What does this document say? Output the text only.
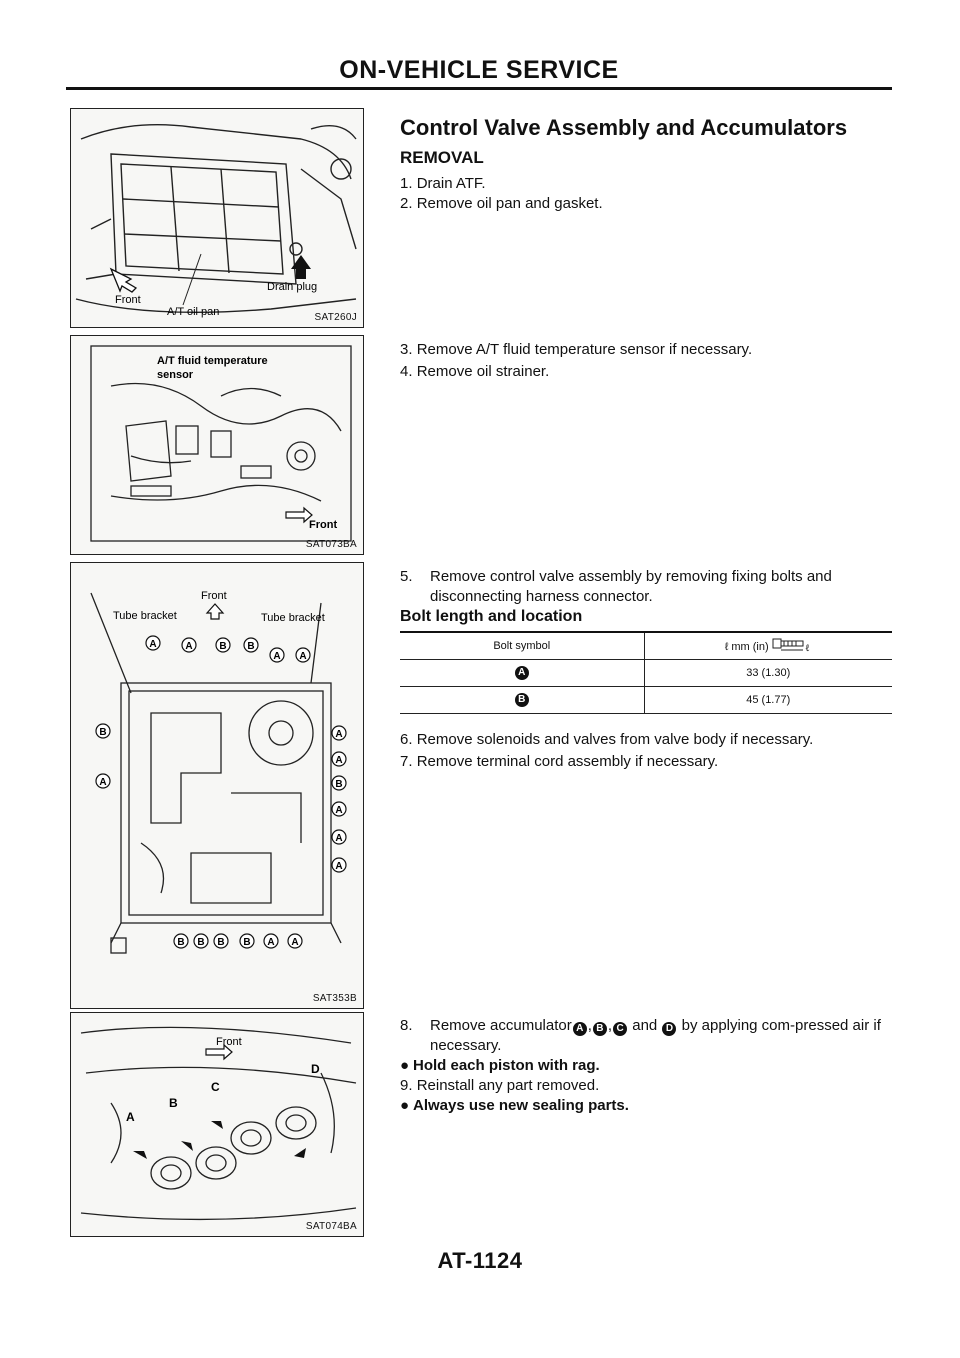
ON-VEHICLE SERVICE
Front
Drain plug
A/T oil pan	SAT260J
A/T fluid temperature
sensor
Front
SAT073BA
Front
Tube bracket	Tube bracket
A	A	B B
A A
B
A
A
A
B
A
A
A
B B B B A A
SAT353B
Front
A
B
C
D
SAT074BA
Control Valve Assembly and Accumulators
REMOVAL
1. Drain ATF.
2. Remove oil pan and gasket.
3. Remove A/T fluid temperature sensor if necessary.
4. Remove oil strainer.
5. Remove control valve assembly by removing fixing bolts and disconnecting harness connector.
Bolt length and location
Bolt symbol	ℓ mm (in) ℓ

A	33 (1.30)
B	45 (1.77)
6. Remove solenoids and valves from valve body if necessary.
7. Remove terminal cord assembly if necessary.
8. Remove accumulator A , B , C and D by applying com-pressed air if necessary.
● Hold each piston with rag.
9. Reinstall any part removed.
● Always use new sealing parts.
AT-1124
